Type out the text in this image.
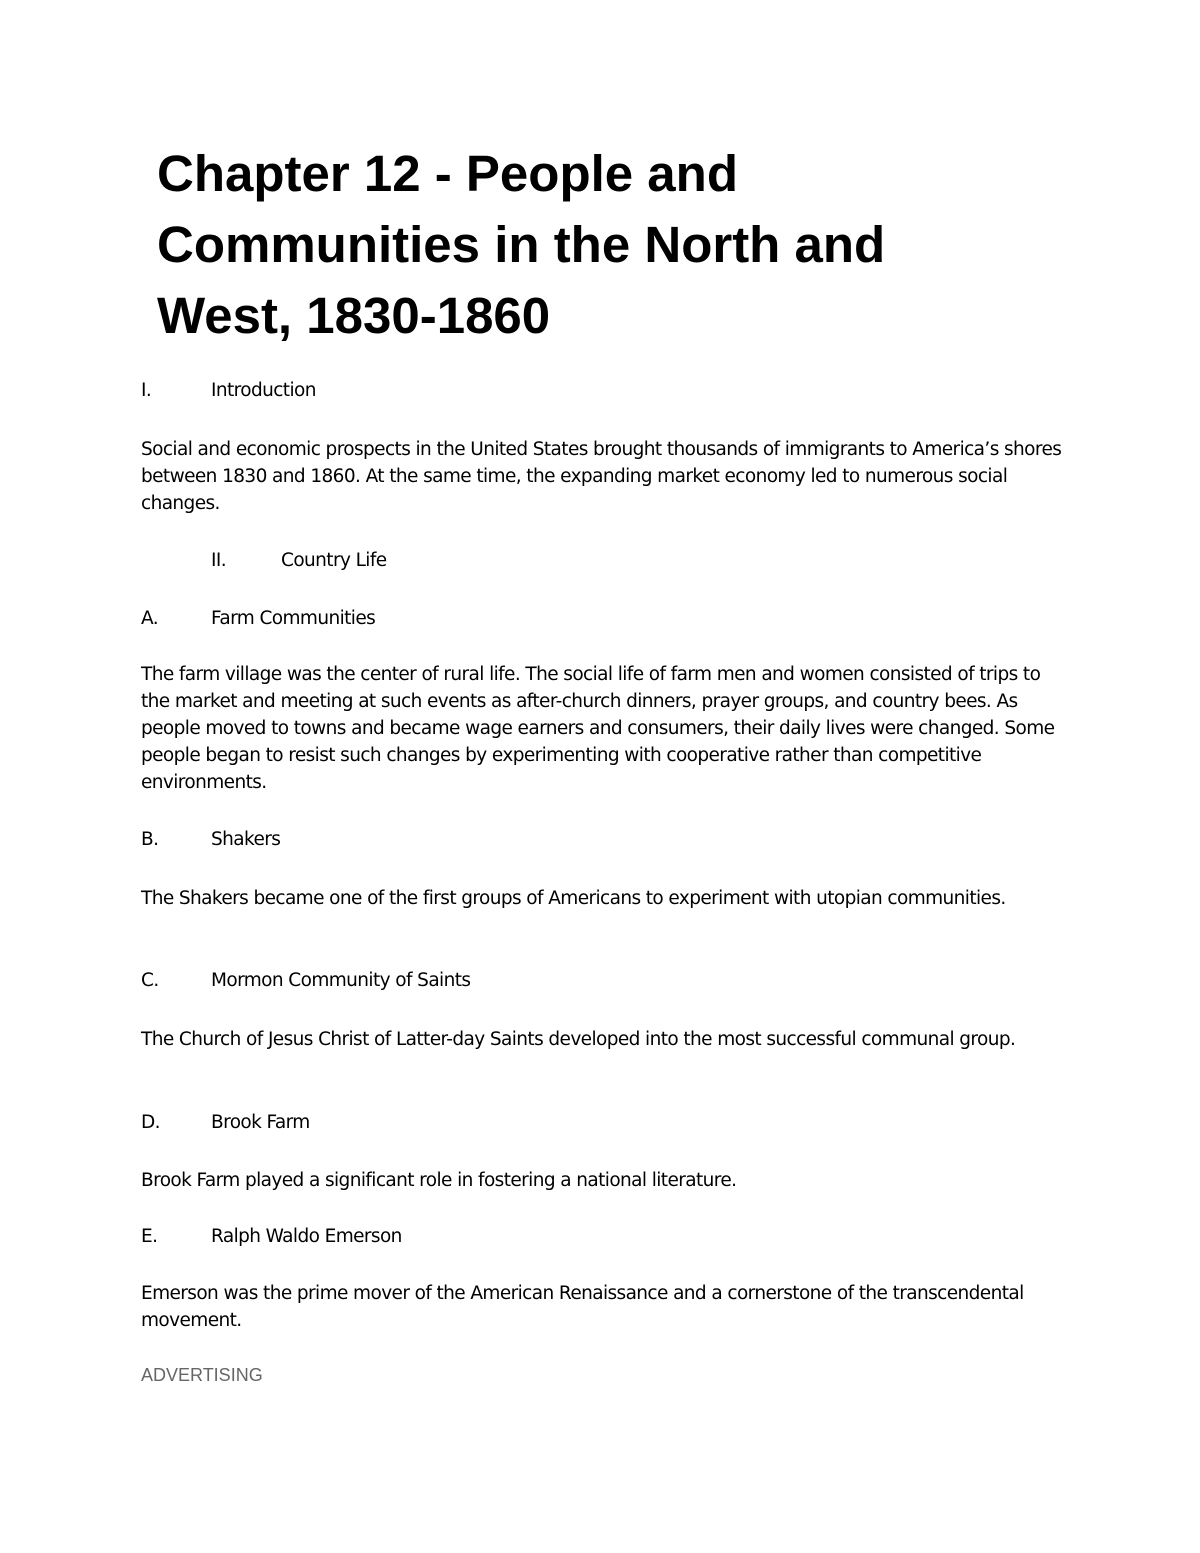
Chapter 12 - People and Communities in the North and West, 1830-1860
I.	Introduction

Social and economic prospects in the United States brought thousands of immigrants to America’s shores between 1830 and 1860. At the same time, the expanding market economy led to numerous social changes.

II.	Country Life
A.	Farm Communities

The farm village was the center of rural life. The social life of farm men and women consisted of trips to the market and meeting at such events as after-church dinners, prayer groups, and country bees. As people moved to towns and became wage earners and consumers, their daily lives were changed. Some people began to resist such changes by experimenting with cooperative rather than competitive environments.

B.	Shakers

The Shakers became one of the first groups of Americans to experiment with utopian communities.

C.	Mormon Community of Saints

The Church of Jesus Christ of Latter-day Saints developed into the most successful communal group.

D.	Brook Farm

Brook Farm played a significant role in fostering a national literature.

E.	Ralph Waldo Emerson

Emerson was the prime mover of the American Renaissance and a cornerstone of the transcendental movement.

ADVERTISING
